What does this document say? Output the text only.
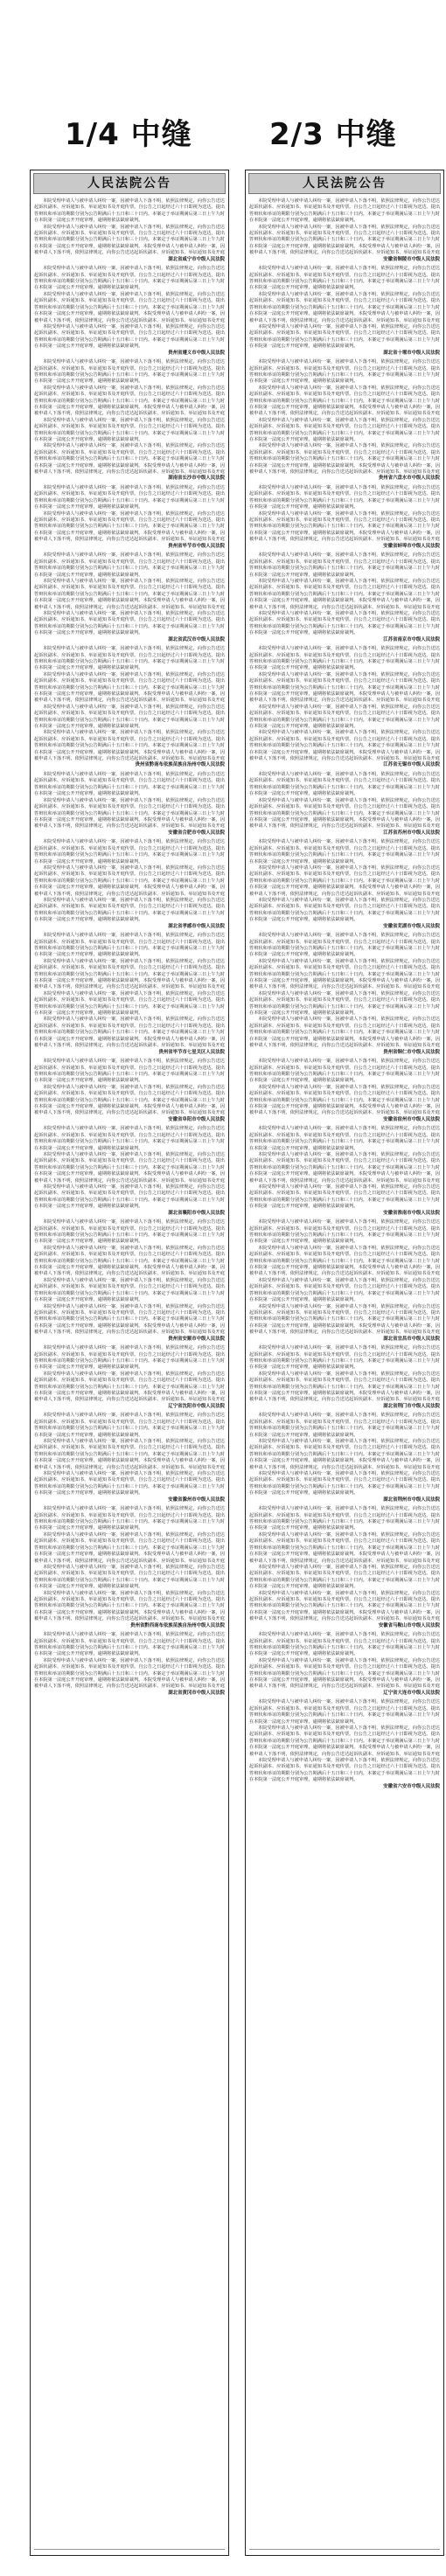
1/4 中缝	2/3 中缝
人民法院公告

本院受理申请人与被申请人纠纷一案，因被申请人下落不明，依照法律规定，向你公告送达起诉状副本、应诉通知书、举证通知书及开庭传票。自公告之日起经过六十日即视为送达。提出答辩状和举证的期限分别为公告期满后十五日和三十日内。本案定于举证期满后第三日上午九时在本院第一法庭公开开庭审理，逾期将依法缺席裁判。

本院受理申请人与被申请人纠纷一案，因被申请人下落不明，依照法律规定，向你公告送达起诉状副本、应诉通知书、举证通知书及开庭传票。自公告之日起经过六十日即视为送达。提出答辩状和举证的期限分别为公告期满后十五日和三十日内。本案定于举证期满后第三日上午九时在本院第一法庭公开开庭审理，逾期将依法缺席裁判。本院受理申请人与被申请人纠纷一案，因被申请人下落不明，依照法律规定，向你公告送达起诉状副本、应诉通知书、举证通知书及开庭

湖北省咸宁市中级人民法院

本院受理申请人与被申请人纠纷一案，因被申请人下落不明，依照法律规定，向你公告送达起诉状副本、应诉通知书、举证通知书及开庭传票。自公告之日起经过六十日即视为送达。提出答辩状和举证的期限分别为公告期满后十五日和三十日内。本案定于举证期满后第三日上午九时在本院第一法庭公开开庭审理，逾期将依法缺席裁判。

本院受理申请人与被申请人纠纷一案，因被申请人下落不明，依照法律规定，向你公告送达起诉状副本、应诉通知书、举证通知书及开庭传票。自公告之日起经过六十日即视为送达。提出答辩状和举证的期限分别为公告期满后十五日和三十日内。本案定于举证期满后第三日上午九时在本院第一法庭公开开庭审理，逾期将依法缺席裁判。本院受理申请人与被申请人纠纷一案，因被申请人下落不明，依照法律规定，向你公告送达起诉状副本、应诉通知书、举证通知书及开庭

本院受理申请人与被申请人纠纷一案，因被申请人下落不明，依照法律规定，向你公告送达起诉状副本、应诉通知书、举证通知书及开庭传票。自公告之日起经过六十日即视为送达。提出答辩状和举证的期限分别为公告期满后十五日和三十日内。本案定于举证期满后第三日上午九时在本院第一法庭公开开庭审理，逾期将依法缺席裁判。

贵州省遵义市中级人民法院

本院受理申请人与被申请人纠纷一案，因被申请人下落不明，依照法律规定，向你公告送达起诉状副本、应诉通知书、举证通知书及开庭传票。自公告之日起经过六十日即视为送达。提出答辩状和举证的期限分别为公告期满后十五日和三十日内。本案定于举证期满后第三日上午九时在本院第一法庭公开开庭审理，逾期将依法缺席裁判。

本院受理申请人与被申请人纠纷一案，因被申请人下落不明，依照法律规定，向你公告送达起诉状副本、应诉通知书、举证通知书及开庭传票。自公告之日起经过六十日即视为送达。提出答辩状和举证的期限分别为公告期满后十五日和三十日内。本案定于举证期满后第三日上午九时在本院第一法庭公开开庭审理，逾期将依法缺席裁判。本院受理申请人与被申请人纠纷一案，因被申请人下落不明，依照法律规定，向你公告送达起诉状副本、应诉通知书、举证通知书及开庭

本院受理申请人与被申请人纠纷一案，因被申请人下落不明，依照法律规定，向你公告送达起诉状副本、应诉通知书、举证通知书及开庭传票。自公告之日起经过六十日即视为送达。提出答辩状和举证的期限分别为公告期满后十五日和三十日内。本案定于举证期满后第三日上午九时在本院第一法庭公开开庭审理，逾期将依法缺席裁判。

本院受理申请人与被申请人纠纷一案，因被申请人下落不明，依照法律规定，向你公告送达起诉状副本、应诉通知书、举证通知书及开庭传票。自公告之日起经过六十日即视为送达。提出答辩状和举证的期限分别为公告期满后十五日和三十日内。本案定于举证期满后第三日上午九时在本院第一法庭公开开庭审理，逾期将依法缺席裁判。本院受理申请人与被申请人纠纷一案，因被申请人下落不明，依照法律规定，向你公告送达起诉状副本、应诉通知书、举证通知书及开庭

湖南省长沙市中级人民法院

本院受理申请人与被申请人纠纷一案，因被申请人下落不明，依照法律规定，向你公告送达起诉状副本、应诉通知书、举证通知书及开庭传票。自公告之日起经过六十日即视为送达。提出答辩状和举证的期限分别为公告期满后十五日和三十日内。本案定于举证期满后第三日上午九时在本院第一法庭公开开庭审理，逾期将依法缺席裁判。

本院受理申请人与被申请人纠纷一案，因被申请人下落不明，依照法律规定，向你公告送达起诉状副本、应诉通知书、举证通知书及开庭传票。自公告之日起经过六十日即视为送达。提出答辩状和举证的期限分别为公告期满后十五日和三十日内。本案定于举证期满后第三日上午九时在本院第一法庭公开开庭审理，逾期将依法缺席裁判。本院受理申请人与被申请人纠纷一案，因被申请人下落不明，依照法律规定，向你公告送达起诉状副本、应诉通知书、举证通知书及开庭

贵州省毕节市中级人民法院

本院受理申请人与被申请人纠纷一案，因被申请人下落不明，依照法律规定，向你公告送达起诉状副本、应诉通知书、举证通知书及开庭传票。自公告之日起经过六十日即视为送达。提出答辩状和举证的期限分别为公告期满后十五日和三十日内。本案定于举证期满后第三日上午九时在本院第一法庭公开开庭审理，逾期将依法缺席裁判。

本院受理申请人与被申请人纠纷一案，因被申请人下落不明，依照法律规定，向你公告送达起诉状副本、应诉通知书、举证通知书及开庭传票。自公告之日起经过六十日即视为送达。提出答辩状和举证的期限分别为公告期满后十五日和三十日内。本案定于举证期满后第三日上午九时在本院第一法庭公开开庭审理，逾期将依法缺席裁判。本院受理申请人与被申请人纠纷一案，因被申请人下落不明，依照法律规定，向你公告送达起诉状副本、应诉通知书、举证通知书及开庭

本院受理申请人与被申请人纠纷一案，因被申请人下落不明，依照法律规定，向你公告送达起诉状副本、应诉通知书、举证通知书及开庭传票。自公告之日起经过六十日即视为送达。提出答辩状和举证的期限分别为公告期满后十五日和三十日内。本案定于举证期满后第三日上午九时在本院第一法庭公开开庭审理，逾期将依法缺席裁判。

湖北省武汉市中级人民法院

本院受理申请人与被申请人纠纷一案，因被申请人下落不明，依照法律规定，向你公告送达起诉状副本、应诉通知书、举证通知书及开庭传票。自公告之日起经过六十日即视为送达。提出答辩状和举证的期限分别为公告期满后十五日和三十日内。本案定于举证期满后第三日上午九时在本院第一法庭公开开庭审理，逾期将依法缺席裁判。

本院受理申请人与被申请人纠纷一案，因被申请人下落不明，依照法律规定，向你公告送达起诉状副本、应诉通知书、举证通知书及开庭传票。自公告之日起经过六十日即视为送达。提出答辩状和举证的期限分别为公告期满后十五日和三十日内。本案定于举证期满后第三日上午九时在本院第一法庭公开开庭审理，逾期将依法缺席裁判。本院受理申请人与被申请人纠纷一案，因被申请人下落不明，依照法律规定，向你公告送达起诉状副本、应诉通知书、举证通知书及开庭

本院受理申请人与被申请人纠纷一案，因被申请人下落不明，依照法律规定，向你公告送达起诉状副本、应诉通知书、举证通知书及开庭传票。自公告之日起经过六十日即视为送达。提出答辩状和举证的期限分别为公告期满后十五日和三十日内。本案定于举证期满后第三日上午九时在本院第一法庭公开开庭审理，逾期将依法缺席裁判。

本院受理申请人与被申请人纠纷一案，因被申请人下落不明，依照法律规定，向你公告送达起诉状副本、应诉通知书、举证通知书及开庭传票。自公告之日起经过六十日即视为送达。提出答辩状和举证的期限分别为公告期满后十五日和三十日内。本案定于举证期满后第三日上午九时在本院第一法庭公开开庭审理，逾期将依法缺席裁判。本院受理申请人与被申请人纠纷一案，因被申请人下落不明，依照法律规定，向你公告送达起诉状副本、应诉通知书、举证通知书及开庭

贵州省黔南布依族苗族自治州中级人民法院

本院受理申请人与被申请人纠纷一案，因被申请人下落不明，依照法律规定，向你公告送达起诉状副本、应诉通知书、举证通知书及开庭传票。自公告之日起经过六十日即视为送达。提出答辩状和举证的期限分别为公告期满后十五日和三十日内。本案定于举证期满后第三日上午九时在本院第一法庭公开开庭审理，逾期将依法缺席裁判。

本院受理申请人与被申请人纠纷一案，因被申请人下落不明，依照法律规定，向你公告送达起诉状副本、应诉通知书、举证通知书及开庭传票。自公告之日起经过六十日即视为送达。提出答辩状和举证的期限分别为公告期满后十五日和三十日内。本案定于举证期满后第三日上午九时在本院第一法庭公开开庭审理，逾期将依法缺席裁判。本院受理申请人与被申请人纠纷一案，因被申请人下落不明，依照法律规定，向你公告送达起诉状副本、应诉通知书、举证通知书及开庭

安徽省合肥市中级人民法院

本院受理申请人与被申请人纠纷一案，因被申请人下落不明，依照法律规定，向你公告送达起诉状副本、应诉通知书、举证通知书及开庭传票。自公告之日起经过六十日即视为送达。提出答辩状和举证的期限分别为公告期满后十五日和三十日内。本案定于举证期满后第三日上午九时在本院第一法庭公开开庭审理，逾期将依法缺席裁判。

本院受理申请人与被申请人纠纷一案，因被申请人下落不明，依照法律规定，向你公告送达起诉状副本、应诉通知书、举证通知书及开庭传票。自公告之日起经过六十日即视为送达。提出答辩状和举证的期限分别为公告期满后十五日和三十日内。本案定于举证期满后第三日上午九时在本院第一法庭公开开庭审理，逾期将依法缺席裁判。本院受理申请人与被申请人纠纷一案，因被申请人下落不明，依照法律规定，向你公告送达起诉状副本、应诉通知书、举证通知书及开庭

本院受理申请人与被申请人纠纷一案，因被申请人下落不明，依照法律规定，向你公告送达起诉状副本、应诉通知书、举证通知书及开庭传票。自公告之日起经过六十日即视为送达。提出答辩状和举证的期限分别为公告期满后十五日和三十日内。本案定于举证期满后第三日上午九时在本院第一法庭公开开庭审理，逾期将依法缺席裁判。

湖北省孝感市中级人民法院

本院受理申请人与被申请人纠纷一案，因被申请人下落不明，依照法律规定，向你公告送达起诉状副本、应诉通知书、举证通知书及开庭传票。自公告之日起经过六十日即视为送达。提出答辩状和举证的期限分别为公告期满后十五日和三十日内。本案定于举证期满后第三日上午九时在本院第一法庭公开开庭审理，逾期将依法缺席裁判。

本院受理申请人与被申请人纠纷一案，因被申请人下落不明，依照法律规定，向你公告送达起诉状副本、应诉通知书、举证通知书及开庭传票。自公告之日起经过六十日即视为送达。提出答辩状和举证的期限分别为公告期满后十五日和三十日内。本案定于举证期满后第三日上午九时在本院第一法庭公开开庭审理，逾期将依法缺席裁判。本院受理申请人与被申请人纠纷一案，因被申请人下落不明，依照法律规定，向你公告送达起诉状副本、应诉通知书、举证通知书及开庭

本院受理申请人与被申请人纠纷一案，因被申请人下落不明，依照法律规定，向你公告送达起诉状副本、应诉通知书、举证通知书及开庭传票。自公告之日起经过六十日即视为送达。提出答辩状和举证的期限分别为公告期满后十五日和三十日内。本案定于举证期满后第三日上午九时在本院第一法庭公开开庭审理，逾期将依法缺席裁判。

本院受理申请人与被申请人纠纷一案，因被申请人下落不明，依照法律规定，向你公告送达起诉状副本、应诉通知书、举证通知书及开庭传票。自公告之日起经过六十日即视为送达。提出答辩状和举证的期限分别为公告期满后十五日和三十日内。本案定于举证期满后第三日上午九时在本院第一法庭公开开庭审理，逾期将依法缺席裁判。本院受理申请人与被申请人纠纷一案，因被申请人下落不明，依照法律规定，向你公告送达起诉状副本、应诉通知书、举证通知书及开庭

贵州省毕节市七星关区人民法院

本院受理申请人与被申请人纠纷一案，因被申请人下落不明，依照法律规定，向你公告送达起诉状副本、应诉通知书、举证通知书及开庭传票。自公告之日起经过六十日即视为送达。提出答辩状和举证的期限分别为公告期满后十五日和三十日内。本案定于举证期满后第三日上午九时在本院第一法庭公开开庭审理，逾期将依法缺席裁判。

本院受理申请人与被申请人纠纷一案，因被申请人下落不明，依照法律规定，向你公告送达起诉状副本、应诉通知书、举证通知书及开庭传票。自公告之日起经过六十日即视为送达。提出答辩状和举证的期限分别为公告期满后十五日和三十日内。本案定于举证期满后第三日上午九时在本院第一法庭公开开庭审理，逾期将依法缺席裁判。本院受理申请人与被申请人纠纷一案，因被申请人下落不明，依照法律规定，向你公告送达起诉状副本、应诉通知书、举证通知书及开庭

安徽省阜阳市中级人民法院

本院受理申请人与被申请人纠纷一案，因被申请人下落不明，依照法律规定，向你公告送达起诉状副本、应诉通知书、举证通知书及开庭传票。自公告之日起经过六十日即视为送达。提出答辩状和举证的期限分别为公告期满后十五日和三十日内。本案定于举证期满后第三日上午九时在本院第一法庭公开开庭审理，逾期将依法缺席裁判。

本院受理申请人与被申请人纠纷一案，因被申请人下落不明，依照法律规定，向你公告送达起诉状副本、应诉通知书、举证通知书及开庭传票。自公告之日起经过六十日即视为送达。提出答辩状和举证的期限分别为公告期满后十五日和三十日内。本案定于举证期满后第三日上午九时在本院第一法庭公开开庭审理，逾期将依法缺席裁判。本院受理申请人与被申请人纠纷一案，因被申请人下落不明，依照法律规定，向你公告送达起诉状副本、应诉通知书、举证通知书及开庭

本院受理申请人与被申请人纠纷一案，因被申请人下落不明，依照法律规定，向你公告送达起诉状副本、应诉通知书、举证通知书及开庭传票。自公告之日起经过六十日即视为送达。提出答辩状和举证的期限分别为公告期满后十五日和三十日内。本案定于举证期满后第三日上午九时在本院第一法庭公开开庭审理，逾期将依法缺席裁判。

湖北省襄阳市中级人民法院

本院受理申请人与被申请人纠纷一案，因被申请人下落不明，依照法律规定，向你公告送达起诉状副本、应诉通知书、举证通知书及开庭传票。自公告之日起经过六十日即视为送达。提出答辩状和举证的期限分别为公告期满后十五日和三十日内。本案定于举证期满后第三日上午九时在本院第一法庭公开开庭审理，逾期将依法缺席裁判。

本院受理申请人与被申请人纠纷一案，因被申请人下落不明，依照法律规定，向你公告送达起诉状副本、应诉通知书、举证通知书及开庭传票。自公告之日起经过六十日即视为送达。提出答辩状和举证的期限分别为公告期满后十五日和三十日内。本案定于举证期满后第三日上午九时在本院第一法庭公开开庭审理，逾期将依法缺席裁判。本院受理申请人与被申请人纠纷一案，因被申请人下落不明，依照法律规定，向你公告送达起诉状副本、应诉通知书、举证通知书及开庭

本院受理申请人与被申请人纠纷一案，因被申请人下落不明，依照法律规定，向你公告送达起诉状副本、应诉通知书、举证通知书及开庭传票。自公告之日起经过六十日即视为送达。提出答辩状和举证的期限分别为公告期满后十五日和三十日内。本案定于举证期满后第三日上午九时在本院第一法庭公开开庭审理，逾期将依法缺席裁判。

本院受理申请人与被申请人纠纷一案，因被申请人下落不明，依照法律规定，向你公告送达起诉状副本、应诉通知书、举证通知书及开庭传票。自公告之日起经过六十日即视为送达。提出答辩状和举证的期限分别为公告期满后十五日和三十日内。本案定于举证期满后第三日上午九时在本院第一法庭公开开庭审理，逾期将依法缺席裁判。本院受理申请人与被申请人纠纷一案，因被申请人下落不明，依照法律规定，向你公告送达起诉状副本、应诉通知书、举证通知书及开庭

贵州省安顺市中级人民法院

本院受理申请人与被申请人纠纷一案，因被申请人下落不明，依照法律规定，向你公告送达起诉状副本、应诉通知书、举证通知书及开庭传票。自公告之日起经过六十日即视为送达。提出答辩状和举证的期限分别为公告期满后十五日和三十日内。本案定于举证期满后第三日上午九时在本院第一法庭公开开庭审理，逾期将依法缺席裁判。

本院受理申请人与被申请人纠纷一案，因被申请人下落不明，依照法律规定，向你公告送达起诉状副本、应诉通知书、举证通知书及开庭传票。自公告之日起经过六十日即视为送达。提出答辩状和举证的期限分别为公告期满后十五日和三十日内。本案定于举证期满后第三日上午九时在本院第一法庭公开开庭审理，逾期将依法缺席裁判。本院受理申请人与被申请人纠纷一案，因被申请人下落不明，依照法律规定，向你公告送达起诉状副本、应诉通知书、举证通知书及开庭

辽宁省沈阳市中级人民法院

本院受理申请人与被申请人纠纷一案，因被申请人下落不明，依照法律规定，向你公告送达起诉状副本、应诉通知书、举证通知书及开庭传票。自公告之日起经过六十日即视为送达。提出答辩状和举证的期限分别为公告期满后十五日和三十日内。本案定于举证期满后第三日上午九时在本院第一法庭公开开庭审理，逾期将依法缺席裁判。

本院受理申请人与被申请人纠纷一案，因被申请人下落不明，依照法律规定，向你公告送达起诉状副本、应诉通知书、举证通知书及开庭传票。自公告之日起经过六十日即视为送达。提出答辩状和举证的期限分别为公告期满后十五日和三十日内。本案定于举证期满后第三日上午九时在本院第一法庭公开开庭审理，逾期将依法缺席裁判。本院受理申请人与被申请人纠纷一案，因被申请人下落不明，依照法律规定，向你公告送达起诉状副本、应诉通知书、举证通知书及开庭

本院受理申请人与被申请人纠纷一案，因被申请人下落不明，依照法律规定，向你公告送达起诉状副本、应诉通知书、举证通知书及开庭传票。自公告之日起经过六十日即视为送达。提出答辩状和举证的期限分别为公告期满后十五日和三十日内。本案定于举证期满后第三日上午九时在本院第一法庭公开开庭审理，逾期将依法缺席裁判。

安徽省滁州市中级人民法院

本院受理申请人与被申请人纠纷一案，因被申请人下落不明，依照法律规定，向你公告送达起诉状副本、应诉通知书、举证通知书及开庭传票。自公告之日起经过六十日即视为送达。提出答辩状和举证的期限分别为公告期满后十五日和三十日内。本案定于举证期满后第三日上午九时在本院第一法庭公开开庭审理，逾期将依法缺席裁判。

本院受理申请人与被申请人纠纷一案，因被申请人下落不明，依照法律规定，向你公告送达起诉状副本、应诉通知书、举证通知书及开庭传票。自公告之日起经过六十日即视为送达。提出答辩状和举证的期限分别为公告期满后十五日和三十日内。本案定于举证期满后第三日上午九时在本院第一法庭公开开庭审理，逾期将依法缺席裁判。本院受理申请人与被申请人纠纷一案，因被申请人下落不明，依照法律规定，向你公告送达起诉状副本、应诉通知书、举证通知书及开庭

本院受理申请人与被申请人纠纷一案，因被申请人下落不明，依照法律规定，向你公告送达起诉状副本、应诉通知书、举证通知书及开庭传票。自公告之日起经过六十日即视为送达。提出答辩状和举证的期限分别为公告期满后十五日和三十日内。本案定于举证期满后第三日上午九时在本院第一法庭公开开庭审理，逾期将依法缺席裁判。

本院受理申请人与被申请人纠纷一案，因被申请人下落不明，依照法律规定，向你公告送达起诉状副本、应诉通知书、举证通知书及开庭传票。自公告之日起经过六十日即视为送达。提出答辩状和举证的期限分别为公告期满后十五日和三十日内。本案定于举证期满后第三日上午九时在本院第一法庭公开开庭审理，逾期将依法缺席裁判。本院受理申请人与被申请人纠纷一案，因被申请人下落不明，依照法律规定，向你公告送达起诉状副本、应诉通知书、举证通知书及开庭

贵州省黔西南布依族苗族自治州中级人民法院

本院受理申请人与被申请人纠纷一案，因被申请人下落不明，依照法律规定，向你公告送达起诉状副本、应诉通知书、举证通知书及开庭传票。自公告之日起经过六十日即视为送达。提出答辩状和举证的期限分别为公告期满后十五日和三十日内。本案定于举证期满后第三日上午九时在本院第一法庭公开开庭审理，逾期将依法缺席裁判。

本院受理申请人与被申请人纠纷一案，因被申请人下落不明，依照法律规定，向你公告送达起诉状副本、应诉通知书、举证通知书及开庭传票。自公告之日起经过六十日即视为送达。提出答辩状和举证的期限分别为公告期满后十五日和三十日内。本案定于举证期满后第三日上午九时在本院第一法庭公开开庭审理，逾期将依法缺席裁判。本院受理申请人与被申请人纠纷一案，因被申请人下落不明，依照法律规定，向你公告送达起诉状副本、应诉通知书、举证通知书及开庭

湖北省黄冈市中级人民法院
人民法院公告

本院受理申请人与被申请人纠纷一案，因被申请人下落不明，依照法律规定，向你公告送达起诉状副本、应诉通知书、举证通知书及开庭传票。自公告之日起经过六十日即视为送达。提出答辩状和举证的期限分别为公告期满后十五日和三十日内。本案定于举证期满后第三日上午九时在本院第一法庭公开开庭审理，逾期将依法缺席裁判。

本院受理申请人与被申请人纠纷一案，因被申请人下落不明，依照法律规定，向你公告送达起诉状副本、应诉通知书、举证通知书及开庭传票。自公告之日起经过六十日即视为送达。提出答辩状和举证的期限分别为公告期满后十五日和三十日内。本案定于举证期满后第三日上午九时在本院第一法庭公开开庭审理，逾期将依法缺席裁判。本院受理申请人与被申请人纠纷一案，因被申请人下落不明，依照法律规定，向你公告送达起诉状副本、应诉通知书、举证通知书及开庭

安徽省铜陵市中级人民法院

本院受理申请人与被申请人纠纷一案，因被申请人下落不明，依照法律规定，向你公告送达起诉状副本、应诉通知书、举证通知书及开庭传票。自公告之日起经过六十日即视为送达。提出答辩状和举证的期限分别为公告期满后十五日和三十日内。本案定于举证期满后第三日上午九时在本院第一法庭公开开庭审理，逾期将依法缺席裁判。

本院受理申请人与被申请人纠纷一案，因被申请人下落不明，依照法律规定，向你公告送达起诉状副本、应诉通知书、举证通知书及开庭传票。自公告之日起经过六十日即视为送达。提出答辩状和举证的期限分别为公告期满后十五日和三十日内。本案定于举证期满后第三日上午九时在本院第一法庭公开开庭审理，逾期将依法缺席裁判。本院受理申请人与被申请人纠纷一案，因被申请人下落不明，依照法律规定，向你公告送达起诉状副本、应诉通知书、举证通知书及开庭

本院受理申请人与被申请人纠纷一案，因被申请人下落不明，依照法律规定，向你公告送达起诉状副本、应诉通知书、举证通知书及开庭传票。自公告之日起经过六十日即视为送达。提出答辩状和举证的期限分别为公告期满后十五日和三十日内。本案定于举证期满后第三日上午九时在本院第一法庭公开开庭审理，逾期将依法缺席裁判。

湖北省十堰市中级人民法院

本院受理申请人与被申请人纠纷一案，因被申请人下落不明，依照法律规定，向你公告送达起诉状副本、应诉通知书、举证通知书及开庭传票。自公告之日起经过六十日即视为送达。提出答辩状和举证的期限分别为公告期满后十五日和三十日内。本案定于举证期满后第三日上午九时在本院第一法庭公开开庭审理，逾期将依法缺席裁判。

本院受理申请人与被申请人纠纷一案，因被申请人下落不明，依照法律规定，向你公告送达起诉状副本、应诉通知书、举证通知书及开庭传票。自公告之日起经过六十日即视为送达。提出答辩状和举证的期限分别为公告期满后十五日和三十日内。本案定于举证期满后第三日上午九时在本院第一法庭公开开庭审理，逾期将依法缺席裁判。本院受理申请人与被申请人纠纷一案，因被申请人下落不明，依照法律规定，向你公告送达起诉状副本、应诉通知书、举证通知书及开庭

本院受理申请人与被申请人纠纷一案，因被申请人下落不明，依照法律规定，向你公告送达起诉状副本、应诉通知书、举证通知书及开庭传票。自公告之日起经过六十日即视为送达。提出答辩状和举证的期限分别为公告期满后十五日和三十日内。本案定于举证期满后第三日上午九时在本院第一法庭公开开庭审理，逾期将依法缺席裁判。

本院受理申请人与被申请人纠纷一案，因被申请人下落不明，依照法律规定，向你公告送达起诉状副本、应诉通知书、举证通知书及开庭传票。自公告之日起经过六十日即视为送达。提出答辩状和举证的期限分别为公告期满后十五日和三十日内。本案定于举证期满后第三日上午九时在本院第一法庭公开开庭审理，逾期将依法缺席裁判。本院受理申请人与被申请人纠纷一案，因被申请人下落不明，依照法律规定，向你公告送达起诉状副本、应诉通知书、举证通知书及开庭

贵州省六盘水市中级人民法院

本院受理申请人与被申请人纠纷一案，因被申请人下落不明，依照法律规定，向你公告送达起诉状副本、应诉通知书、举证通知书及开庭传票。自公告之日起经过六十日即视为送达。提出答辩状和举证的期限分别为公告期满后十五日和三十日内。本案定于举证期满后第三日上午九时在本院第一法庭公开开庭审理，逾期将依法缺席裁判。

本院受理申请人与被申请人纠纷一案，因被申请人下落不明，依照法律规定，向你公告送达起诉状副本、应诉通知书、举证通知书及开庭传票。自公告之日起经过六十日即视为送达。提出答辩状和举证的期限分别为公告期满后十五日和三十日内。本案定于举证期满后第三日上午九时在本院第一法庭公开开庭审理，逾期将依法缺席裁判。本院受理申请人与被申请人纠纷一案，因被申请人下落不明，依照法律规定，向你公告送达起诉状副本、应诉通知书、举证通知书及开庭

安徽省蚌埠市中级人民法院

本院受理申请人与被申请人纠纷一案，因被申请人下落不明，依照法律规定，向你公告送达起诉状副本、应诉通知书、举证通知书及开庭传票。自公告之日起经过六十日即视为送达。提出答辩状和举证的期限分别为公告期满后十五日和三十日内。本案定于举证期满后第三日上午九时在本院第一法庭公开开庭审理，逾期将依法缺席裁判。

本院受理申请人与被申请人纠纷一案，因被申请人下落不明，依照法律规定，向你公告送达起诉状副本、应诉通知书、举证通知书及开庭传票。自公告之日起经过六十日即视为送达。提出答辩状和举证的期限分别为公告期满后十五日和三十日内。本案定于举证期满后第三日上午九时在本院第一法庭公开开庭审理，逾期将依法缺席裁判。本院受理申请人与被申请人纠纷一案，因被申请人下落不明，依照法律规定，向你公告送达起诉状副本、应诉通知书、举证通知书及开庭

本院受理申请人与被申请人纠纷一案，因被申请人下落不明，依照法律规定，向你公告送达起诉状副本、应诉通知书、举证通知书及开庭传票。自公告之日起经过六十日即视为送达。提出答辩状和举证的期限分别为公告期满后十五日和三十日内。本案定于举证期满后第三日上午九时在本院第一法庭公开开庭审理，逾期将依法缺席裁判。

江苏省南京市中级人民法院

本院受理申请人与被申请人纠纷一案，因被申请人下落不明，依照法律规定，向你公告送达起诉状副本、应诉通知书、举证通知书及开庭传票。自公告之日起经过六十日即视为送达。提出答辩状和举证的期限分别为公告期满后十五日和三十日内。本案定于举证期满后第三日上午九时在本院第一法庭公开开庭审理，逾期将依法缺席裁判。

本院受理申请人与被申请人纠纷一案，因被申请人下落不明，依照法律规定，向你公告送达起诉状副本、应诉通知书、举证通知书及开庭传票。自公告之日起经过六十日即视为送达。提出答辩状和举证的期限分别为公告期满后十五日和三十日内。本案定于举证期满后第三日上午九时在本院第一法庭公开开庭审理，逾期将依法缺席裁判。本院受理申请人与被申请人纠纷一案，因被申请人下落不明，依照法律规定，向你公告送达起诉状副本、应诉通知书、举证通知书及开庭

本院受理申请人与被申请人纠纷一案，因被申请人下落不明，依照法律规定，向你公告送达起诉状副本、应诉通知书、举证通知书及开庭传票。自公告之日起经过六十日即视为送达。提出答辩状和举证的期限分别为公告期满后十五日和三十日内。本案定于举证期满后第三日上午九时在本院第一法庭公开开庭审理，逾期将依法缺席裁判。

本院受理申请人与被申请人纠纷一案，因被申请人下落不明，依照法律规定，向你公告送达起诉状副本、应诉通知书、举证通知书及开庭传票。自公告之日起经过六十日即视为送达。提出答辩状和举证的期限分别为公告期满后十五日和三十日内。本案定于举证期满后第三日上午九时在本院第一法庭公开开庭审理，逾期将依法缺席裁判。本院受理申请人与被申请人纠纷一案，因被申请人下落不明，依照法律规定，向你公告送达起诉状副本、应诉通知书、举证通知书及开庭

江苏省无锡市中级人民法院

本院受理申请人与被申请人纠纷一案，因被申请人下落不明，依照法律规定，向你公告送达起诉状副本、应诉通知书、举证通知书及开庭传票。自公告之日起经过六十日即视为送达。提出答辩状和举证的期限分别为公告期满后十五日和三十日内。本案定于举证期满后第三日上午九时在本院第一法庭公开开庭审理，逾期将依法缺席裁判。

本院受理申请人与被申请人纠纷一案，因被申请人下落不明，依照法律规定，向你公告送达起诉状副本、应诉通知书、举证通知书及开庭传票。自公告之日起经过六十日即视为送达。提出答辩状和举证的期限分别为公告期满后十五日和三十日内。本案定于举证期满后第三日上午九时在本院第一法庭公开开庭审理，逾期将依法缺席裁判。本院受理申请人与被申请人纠纷一案，因被申请人下落不明，依照法律规定，向你公告送达起诉状副本、应诉通知书、举证通知书及开庭

江苏省苏州市中级人民法院

本院受理申请人与被申请人纠纷一案，因被申请人下落不明，依照法律规定，向你公告送达起诉状副本、应诉通知书、举证通知书及开庭传票。自公告之日起经过六十日即视为送达。提出答辩状和举证的期限分别为公告期满后十五日和三十日内。本案定于举证期满后第三日上午九时在本院第一法庭公开开庭审理，逾期将依法缺席裁判。

本院受理申请人与被申请人纠纷一案，因被申请人下落不明，依照法律规定，向你公告送达起诉状副本、应诉通知书、举证通知书及开庭传票。自公告之日起经过六十日即视为送达。提出答辩状和举证的期限分别为公告期满后十五日和三十日内。本案定于举证期满后第三日上午九时在本院第一法庭公开开庭审理，逾期将依法缺席裁判。本院受理申请人与被申请人纠纷一案，因被申请人下落不明，依照法律规定，向你公告送达起诉状副本、应诉通知书、举证通知书及开庭

本院受理申请人与被申请人纠纷一案，因被申请人下落不明，依照法律规定，向你公告送达起诉状副本、应诉通知书、举证通知书及开庭传票。自公告之日起经过六十日即视为送达。提出答辩状和举证的期限分别为公告期满后十五日和三十日内。本案定于举证期满后第三日上午九时在本院第一法庭公开开庭审理，逾期将依法缺席裁判。

安徽省芜湖市中级人民法院

本院受理申请人与被申请人纠纷一案，因被申请人下落不明，依照法律规定，向你公告送达起诉状副本、应诉通知书、举证通知书及开庭传票。自公告之日起经过六十日即视为送达。提出答辩状和举证的期限分别为公告期满后十五日和三十日内。本案定于举证期满后第三日上午九时在本院第一法庭公开开庭审理，逾期将依法缺席裁判。

本院受理申请人与被申请人纠纷一案，因被申请人下落不明，依照法律规定，向你公告送达起诉状副本、应诉通知书、举证通知书及开庭传票。自公告之日起经过六十日即视为送达。提出答辩状和举证的期限分别为公告期满后十五日和三十日内。本案定于举证期满后第三日上午九时在本院第一法庭公开开庭审理，逾期将依法缺席裁判。本院受理申请人与被申请人纠纷一案，因被申请人下落不明，依照法律规定，向你公告送达起诉状副本、应诉通知书、举证通知书及开庭

本院受理申请人与被申请人纠纷一案，因被申请人下落不明，依照法律规定，向你公告送达起诉状副本、应诉通知书、举证通知书及开庭传票。自公告之日起经过六十日即视为送达。提出答辩状和举证的期限分别为公告期满后十五日和三十日内。本案定于举证期满后第三日上午九时在本院第一法庭公开开庭审理，逾期将依法缺席裁判。

本院受理申请人与被申请人纠纷一案，因被申请人下落不明，依照法律规定，向你公告送达起诉状副本、应诉通知书、举证通知书及开庭传票。自公告之日起经过六十日即视为送达。提出答辩状和举证的期限分别为公告期满后十五日和三十日内。本案定于举证期满后第三日上午九时在本院第一法庭公开开庭审理，逾期将依法缺席裁判。本院受理申请人与被申请人纠纷一案，因被申请人下落不明，依照法律规定，向你公告送达起诉状副本、应诉通知书、举证通知书及开庭

贵州省铜仁市中级人民法院

本院受理申请人与被申请人纠纷一案，因被申请人下落不明，依照法律规定，向你公告送达起诉状副本、应诉通知书、举证通知书及开庭传票。自公告之日起经过六十日即视为送达。提出答辩状和举证的期限分别为公告期满后十五日和三十日内。本案定于举证期满后第三日上午九时在本院第一法庭公开开庭审理，逾期将依法缺席裁判。

本院受理申请人与被申请人纠纷一案，因被申请人下落不明，依照法律规定，向你公告送达起诉状副本、应诉通知书、举证通知书及开庭传票。自公告之日起经过六十日即视为送达。提出答辩状和举证的期限分别为公告期满后十五日和三十日内。本案定于举证期满后第三日上午九时在本院第一法庭公开开庭审理，逾期将依法缺席裁判。本院受理申请人与被申请人纠纷一案，因被申请人下落不明，依照法律规定，向你公告送达起诉状副本、应诉通知书、举证通知书及开庭

安徽省宿州市中级人民法院

本院受理申请人与被申请人纠纷一案，因被申请人下落不明，依照法律规定，向你公告送达起诉状副本、应诉通知书、举证通知书及开庭传票。自公告之日起经过六十日即视为送达。提出答辩状和举证的期限分别为公告期满后十五日和三十日内。本案定于举证期满后第三日上午九时在本院第一法庭公开开庭审理，逾期将依法缺席裁判。

本院受理申请人与被申请人纠纷一案，因被申请人下落不明，依照法律规定，向你公告送达起诉状副本、应诉通知书、举证通知书及开庭传票。自公告之日起经过六十日即视为送达。提出答辩状和举证的期限分别为公告期满后十五日和三十日内。本案定于举证期满后第三日上午九时在本院第一法庭公开开庭审理，逾期将依法缺席裁判。本院受理申请人与被申请人纠纷一案，因被申请人下落不明，依照法律规定，向你公告送达起诉状副本、应诉通知书、举证通知书及开庭

本院受理申请人与被申请人纠纷一案，因被申请人下落不明，依照法律规定，向你公告送达起诉状副本、应诉通知书、举证通知书及开庭传票。自公告之日起经过六十日即视为送达。提出答辩状和举证的期限分别为公告期满后十五日和三十日内。本案定于举证期满后第三日上午九时在本院第一法庭公开开庭审理，逾期将依法缺席裁判。

安徽省淮南市中级人民法院

本院受理申请人与被申请人纠纷一案，因被申请人下落不明，依照法律规定，向你公告送达起诉状副本、应诉通知书、举证通知书及开庭传票。自公告之日起经过六十日即视为送达。提出答辩状和举证的期限分别为公告期满后十五日和三十日内。本案定于举证期满后第三日上午九时在本院第一法庭公开开庭审理，逾期将依法缺席裁判。

本院受理申请人与被申请人纠纷一案，因被申请人下落不明，依照法律规定，向你公告送达起诉状副本、应诉通知书、举证通知书及开庭传票。自公告之日起经过六十日即视为送达。提出答辩状和举证的期限分别为公告期满后十五日和三十日内。本案定于举证期满后第三日上午九时在本院第一法庭公开开庭审理，逾期将依法缺席裁判。本院受理申请人与被申请人纠纷一案，因被申请人下落不明，依照法律规定，向你公告送达起诉状副本、应诉通知书、举证通知书及开庭

本院受理申请人与被申请人纠纷一案，因被申请人下落不明，依照法律规定，向你公告送达起诉状副本、应诉通知书、举证通知书及开庭传票。自公告之日起经过六十日即视为送达。提出答辩状和举证的期限分别为公告期满后十五日和三十日内。本案定于举证期满后第三日上午九时在本院第一法庭公开开庭审理，逾期将依法缺席裁判。

本院受理申请人与被申请人纠纷一案，因被申请人下落不明，依照法律规定，向你公告送达起诉状副本、应诉通知书、举证通知书及开庭传票。自公告之日起经过六十日即视为送达。提出答辩状和举证的期限分别为公告期满后十五日和三十日内。本案定于举证期满后第三日上午九时在本院第一法庭公开开庭审理，逾期将依法缺席裁判。本院受理申请人与被申请人纠纷一案，因被申请人下落不明，依照法律规定，向你公告送达起诉状副本、应诉通知书、举证通知书及开庭

湖北省宜昌市中级人民法院

本院受理申请人与被申请人纠纷一案，因被申请人下落不明，依照法律规定，向你公告送达起诉状副本、应诉通知书、举证通知书及开庭传票。自公告之日起经过六十日即视为送达。提出答辩状和举证的期限分别为公告期满后十五日和三十日内。本案定于举证期满后第三日上午九时在本院第一法庭公开开庭审理，逾期将依法缺席裁判。

本院受理申请人与被申请人纠纷一案，因被申请人下落不明，依照法律规定，向你公告送达起诉状副本、应诉通知书、举证通知书及开庭传票。自公告之日起经过六十日即视为送达。提出答辩状和举证的期限分别为公告期满后十五日和三十日内。本案定于举证期满后第三日上午九时在本院第一法庭公开开庭审理，逾期将依法缺席裁判。本院受理申请人与被申请人纠纷一案，因被申请人下落不明，依照法律规定，向你公告送达起诉状副本、应诉通知书、举证通知书及开庭

湖北省荆门市中级人民法院

本院受理申请人与被申请人纠纷一案，因被申请人下落不明，依照法律规定，向你公告送达起诉状副本、应诉通知书、举证通知书及开庭传票。自公告之日起经过六十日即视为送达。提出答辩状和举证的期限分别为公告期满后十五日和三十日内。本案定于举证期满后第三日上午九时在本院第一法庭公开开庭审理，逾期将依法缺席裁判。

本院受理申请人与被申请人纠纷一案，因被申请人下落不明，依照法律规定，向你公告送达起诉状副本、应诉通知书、举证通知书及开庭传票。自公告之日起经过六十日即视为送达。提出答辩状和举证的期限分别为公告期满后十五日和三十日内。本案定于举证期满后第三日上午九时在本院第一法庭公开开庭审理，逾期将依法缺席裁判。本院受理申请人与被申请人纠纷一案，因被申请人下落不明，依照法律规定，向你公告送达起诉状副本、应诉通知书、举证通知书及开庭

本院受理申请人与被申请人纠纷一案，因被申请人下落不明，依照法律规定，向你公告送达起诉状副本、应诉通知书、举证通知书及开庭传票。自公告之日起经过六十日即视为送达。提出答辩状和举证的期限分别为公告期满后十五日和三十日内。本案定于举证期满后第三日上午九时在本院第一法庭公开开庭审理，逾期将依法缺席裁判。

湖北省荆州市中级人民法院

本院受理申请人与被申请人纠纷一案，因被申请人下落不明，依照法律规定，向你公告送达起诉状副本、应诉通知书、举证通知书及开庭传票。自公告之日起经过六十日即视为送达。提出答辩状和举证的期限分别为公告期满后十五日和三十日内。本案定于举证期满后第三日上午九时在本院第一法庭公开开庭审理，逾期将依法缺席裁判。

本院受理申请人与被申请人纠纷一案，因被申请人下落不明，依照法律规定，向你公告送达起诉状副本、应诉通知书、举证通知书及开庭传票。自公告之日起经过六十日即视为送达。提出答辩状和举证的期限分别为公告期满后十五日和三十日内。本案定于举证期满后第三日上午九时在本院第一法庭公开开庭审理，逾期将依法缺席裁判。本院受理申请人与被申请人纠纷一案，因被申请人下落不明，依照法律规定，向你公告送达起诉状副本、应诉通知书、举证通知书及开庭

本院受理申请人与被申请人纠纷一案，因被申请人下落不明，依照法律规定，向你公告送达起诉状副本、应诉通知书、举证通知书及开庭传票。自公告之日起经过六十日即视为送达。提出答辩状和举证的期限分别为公告期满后十五日和三十日内。本案定于举证期满后第三日上午九时在本院第一法庭公开开庭审理，逾期将依法缺席裁判。

本院受理申请人与被申请人纠纷一案，因被申请人下落不明，依照法律规定，向你公告送达起诉状副本、应诉通知书、举证通知书及开庭传票。自公告之日起经过六十日即视为送达。提出答辩状和举证的期限分别为公告期满后十五日和三十日内。本案定于举证期满后第三日上午九时在本院第一法庭公开开庭审理，逾期将依法缺席裁判。本院受理申请人与被申请人纠纷一案，因被申请人下落不明，依照法律规定，向你公告送达起诉状副本、应诉通知书、举证通知书及开庭

安徽省马鞍山市中级人民法院

本院受理申请人与被申请人纠纷一案，因被申请人下落不明，依照法律规定，向你公告送达起诉状副本、应诉通知书、举证通知书及开庭传票。自公告之日起经过六十日即视为送达。提出答辩状和举证的期限分别为公告期满后十五日和三十日内。本案定于举证期满后第三日上午九时在本院第一法庭公开开庭审理，逾期将依法缺席裁判。

本院受理申请人与被申请人纠纷一案，因被申请人下落不明，依照法律规定，向你公告送达起诉状副本、应诉通知书、举证通知书及开庭传票。自公告之日起经过六十日即视为送达。提出答辩状和举证的期限分别为公告期满后十五日和三十日内。本案定于举证期满后第三日上午九时在本院第一法庭公开开庭审理，逾期将依法缺席裁判。本院受理申请人与被申请人纠纷一案，因被申请人下落不明，依照法律规定，向你公告送达起诉状副本、应诉通知书、举证通知书及开庭

辽宁省大连市中级人民法院

本院受理申请人与被申请人纠纷一案，因被申请人下落不明，依照法律规定，向你公告送达起诉状副本、应诉通知书、举证通知书及开庭传票。自公告之日起经过六十日即视为送达。提出答辩状和举证的期限分别为公告期满后十五日和三十日内。本案定于举证期满后第三日上午九时在本院第一法庭公开开庭审理，逾期将依法缺席裁判。

本院受理申请人与被申请人纠纷一案，因被申请人下落不明，依照法律规定，向你公告送达起诉状副本、应诉通知书、举证通知书及开庭传票。自公告之日起经过六十日即视为送达。提出答辩状和举证的期限分别为公告期满后十五日和三十日内。本案定于举证期满后第三日上午九时在本院第一法庭公开开庭审理，逾期将依法缺席裁判。本院受理申请人与被申请人纠纷一案，因被申请人下落不明，依照法律规定，向你公告送达起诉状副本、应诉通知书、举证通知书及开庭

本院受理申请人与被申请人纠纷一案，因被申请人下落不明，依照法律规定，向你公告送达起诉状副本、应诉通知书、举证通知书及开庭传票。自公告之日起经过六十日即视为送达。提出答辩状和举证的期限分别为公告期满后十五日和三十日内。本案定于举证期满后第三日上午九时在本院第一法庭公开开庭审理，逾期将依法缺席裁判。

安徽省六安市中级人民法院
